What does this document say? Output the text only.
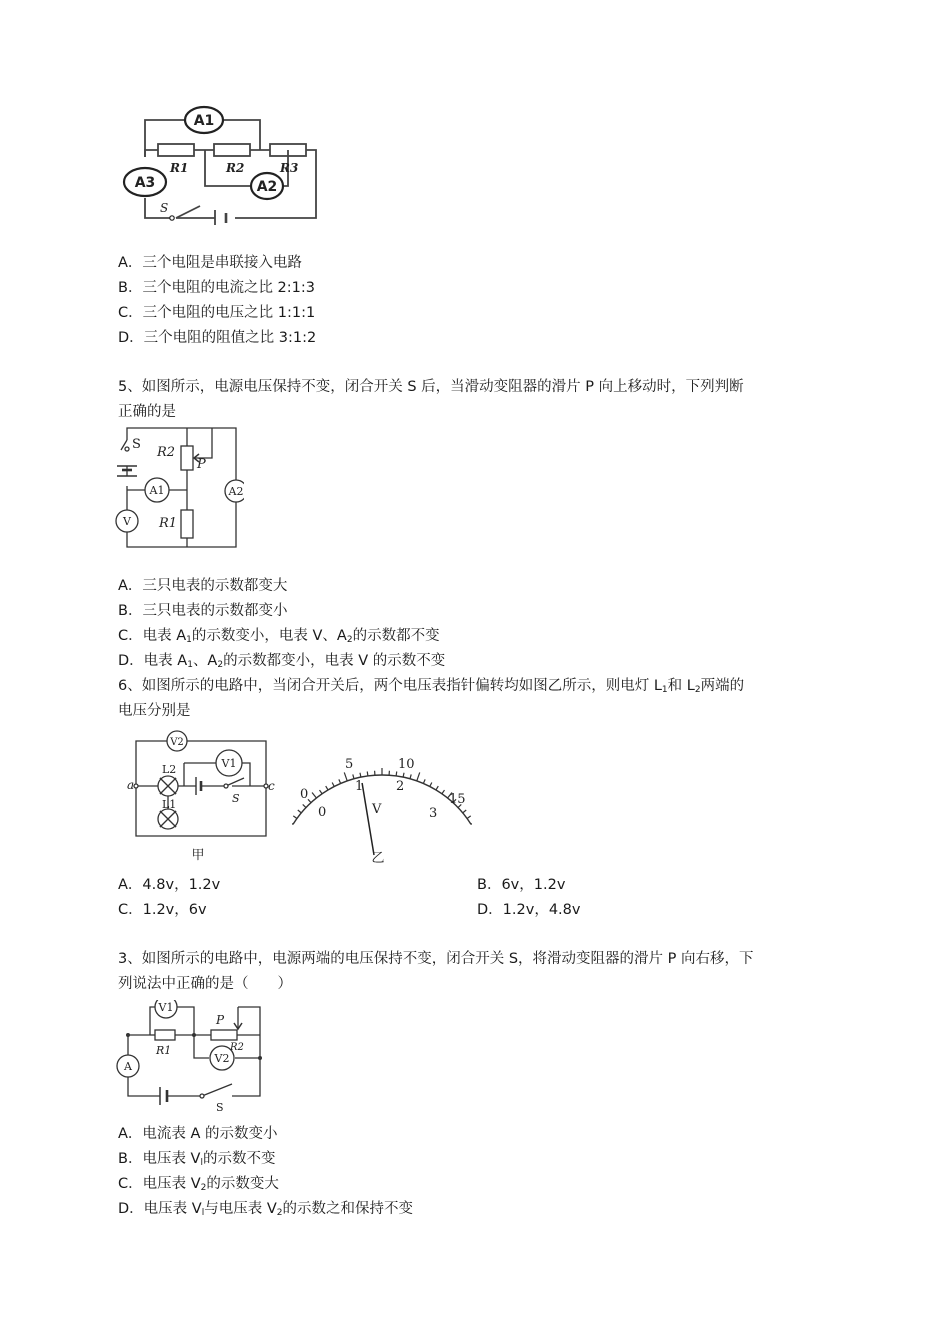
A1
A2
A3
R1	R2	R3
S
A．三个电阻是串联接入电路
B．三个电阻的电流之比 2:1:3
C．三个电阻的电压之比 1:1:1
D．三个电阻的阻值之比 3:1:2
5、如图所示，电源电压保持不变，闭合开关 S 后，当滑动变阻器的滑片 P 向上移动时，下列判断
正确的是
S
R2
P
A1	A2
V R1
A．三只电表的示数都变大
B．三只电表的示数都变小
C．电表 $A_1$的示数变小，电表 V、$A_2$的示数都不变
D．电表 $A_1$、$A_2$的示数都变小，电表 V 的示数不变
6、如图所示的电路中，当闭合开关后，两个电压表指针偏转均如图乙所示，则电灯 $L_1$和 $L_2$两端的
电压分别是
V2
V1
L2
L1
a	c
S
甲
0
5	10
15
0
1	2
3
V
乙
A．4.8v，1.2v	B．6v，1.2v
C．1.2v，6v	D．1.2v，4.8v
3、如图所示的电路中，电源两端的电压保持不变，闭合开关 S，将滑动变阻器的滑片 P 向右移，下
列说法中正确的是（　　）
V1
V2
R1	R2
P
A
S
A．电流表 A 的示数变小
B．电压表 $V_l$的示数不变
C．电压表 $V_2$的示数变大
D．电压表 $V_l$与电压表 $V_2$的示数之和保持不变
